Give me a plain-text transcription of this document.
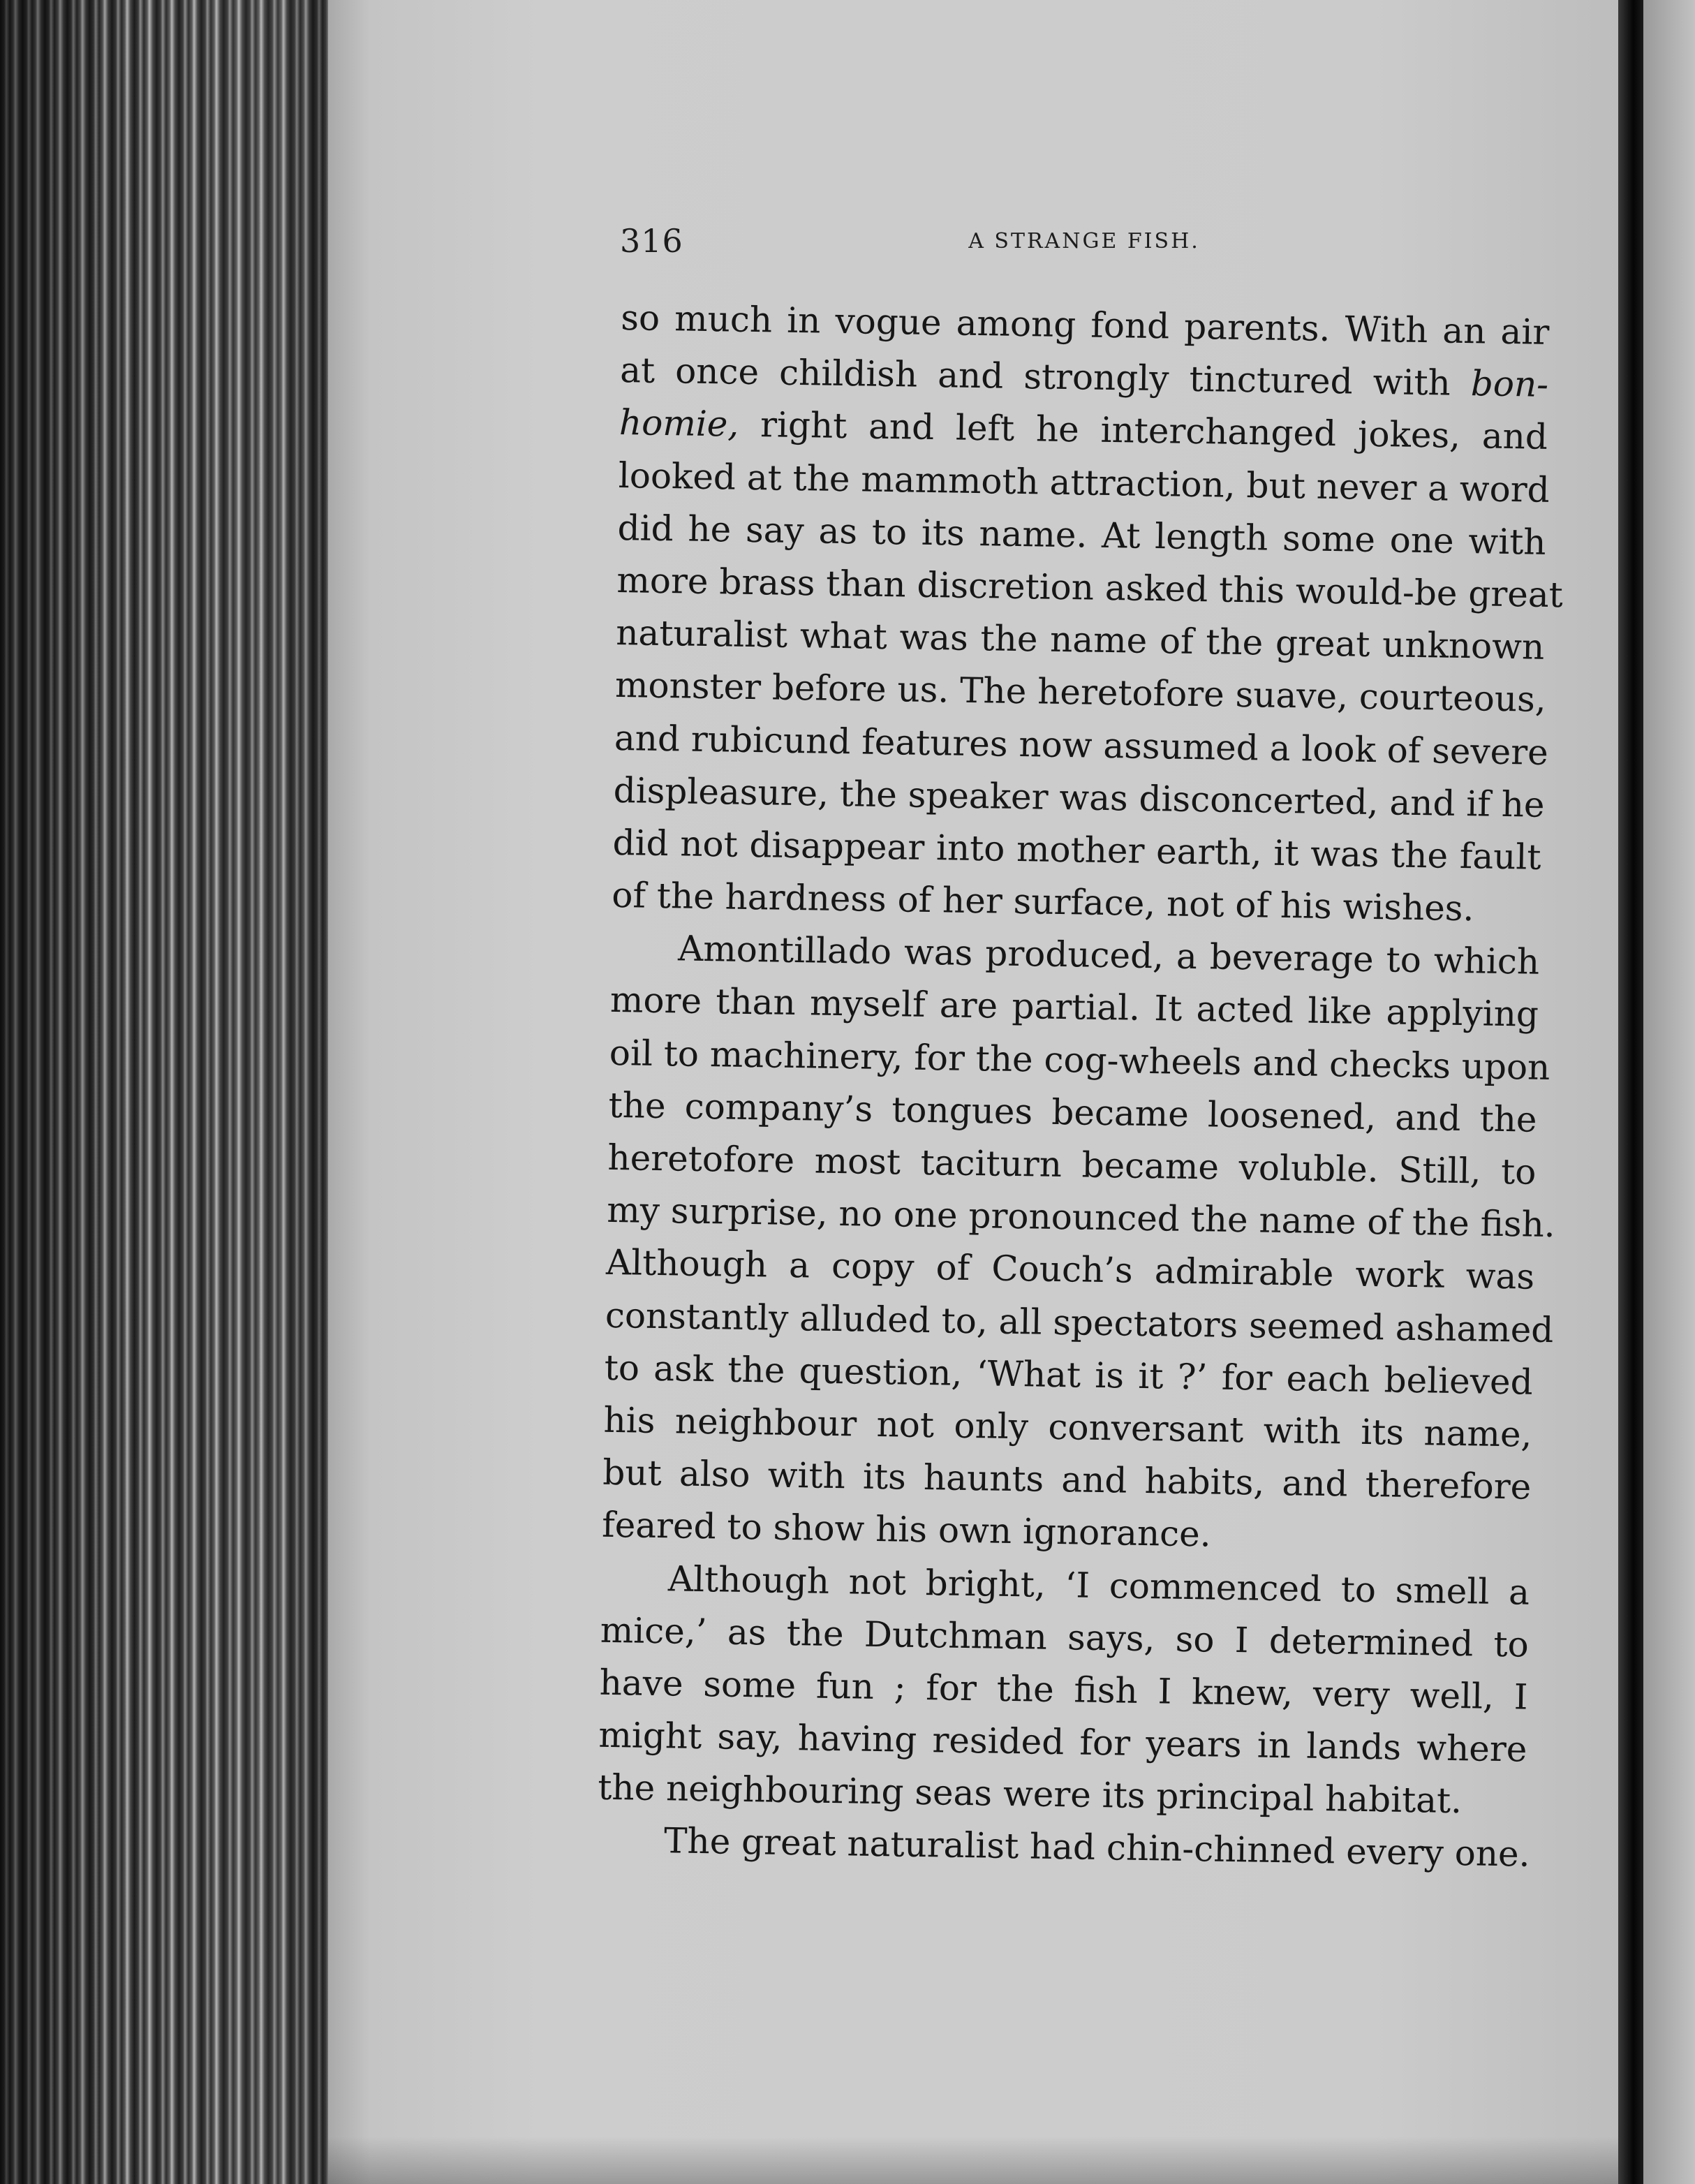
316	A STRANGE FISH.
so much in vogue among fond parents. With an air
at once childish and strongly tinctured with bon-
homie, right and left he interchanged jokes, and
looked at the mammoth attraction, but never a word
did he say as to its name. At length some one with
more brass than discretion asked this would-be great
naturalist what was the name of the great unknown
monster before us. The heretofore suave, courteous,
and rubicund features now assumed a look of severe
displeasure, the speaker was disconcerted, and if he
did not disappear into mother earth, it was the fault
of the hardness of her surface, not of his wishes.
Amontillado was produced, a beverage to which
more than myself are partial. It acted like applying
oil to machinery, for the cog-wheels and checks upon
the company’s tongues became loosened, and the
heretofore most taciturn became voluble. Still, to
my surprise, no one pronounced the name of the fish.
Although a copy of Couch’s admirable work was
constantly alluded to, all spectators seemed ashamed
to ask the question, ‘What is it ?’ for each believed
his neighbour not only conversant with its name,
but also with its haunts and habits, and therefore
feared to show his own ignorance.
Although not bright, ‘I commenced to smell a
mice,’ as the Dutchman says, so I determined to
have some fun ; for the fish I knew, very well, I
might say, having resided for years in lands where
the neighbouring seas were its principal habitat.
The great naturalist had chin-chinned every one.
